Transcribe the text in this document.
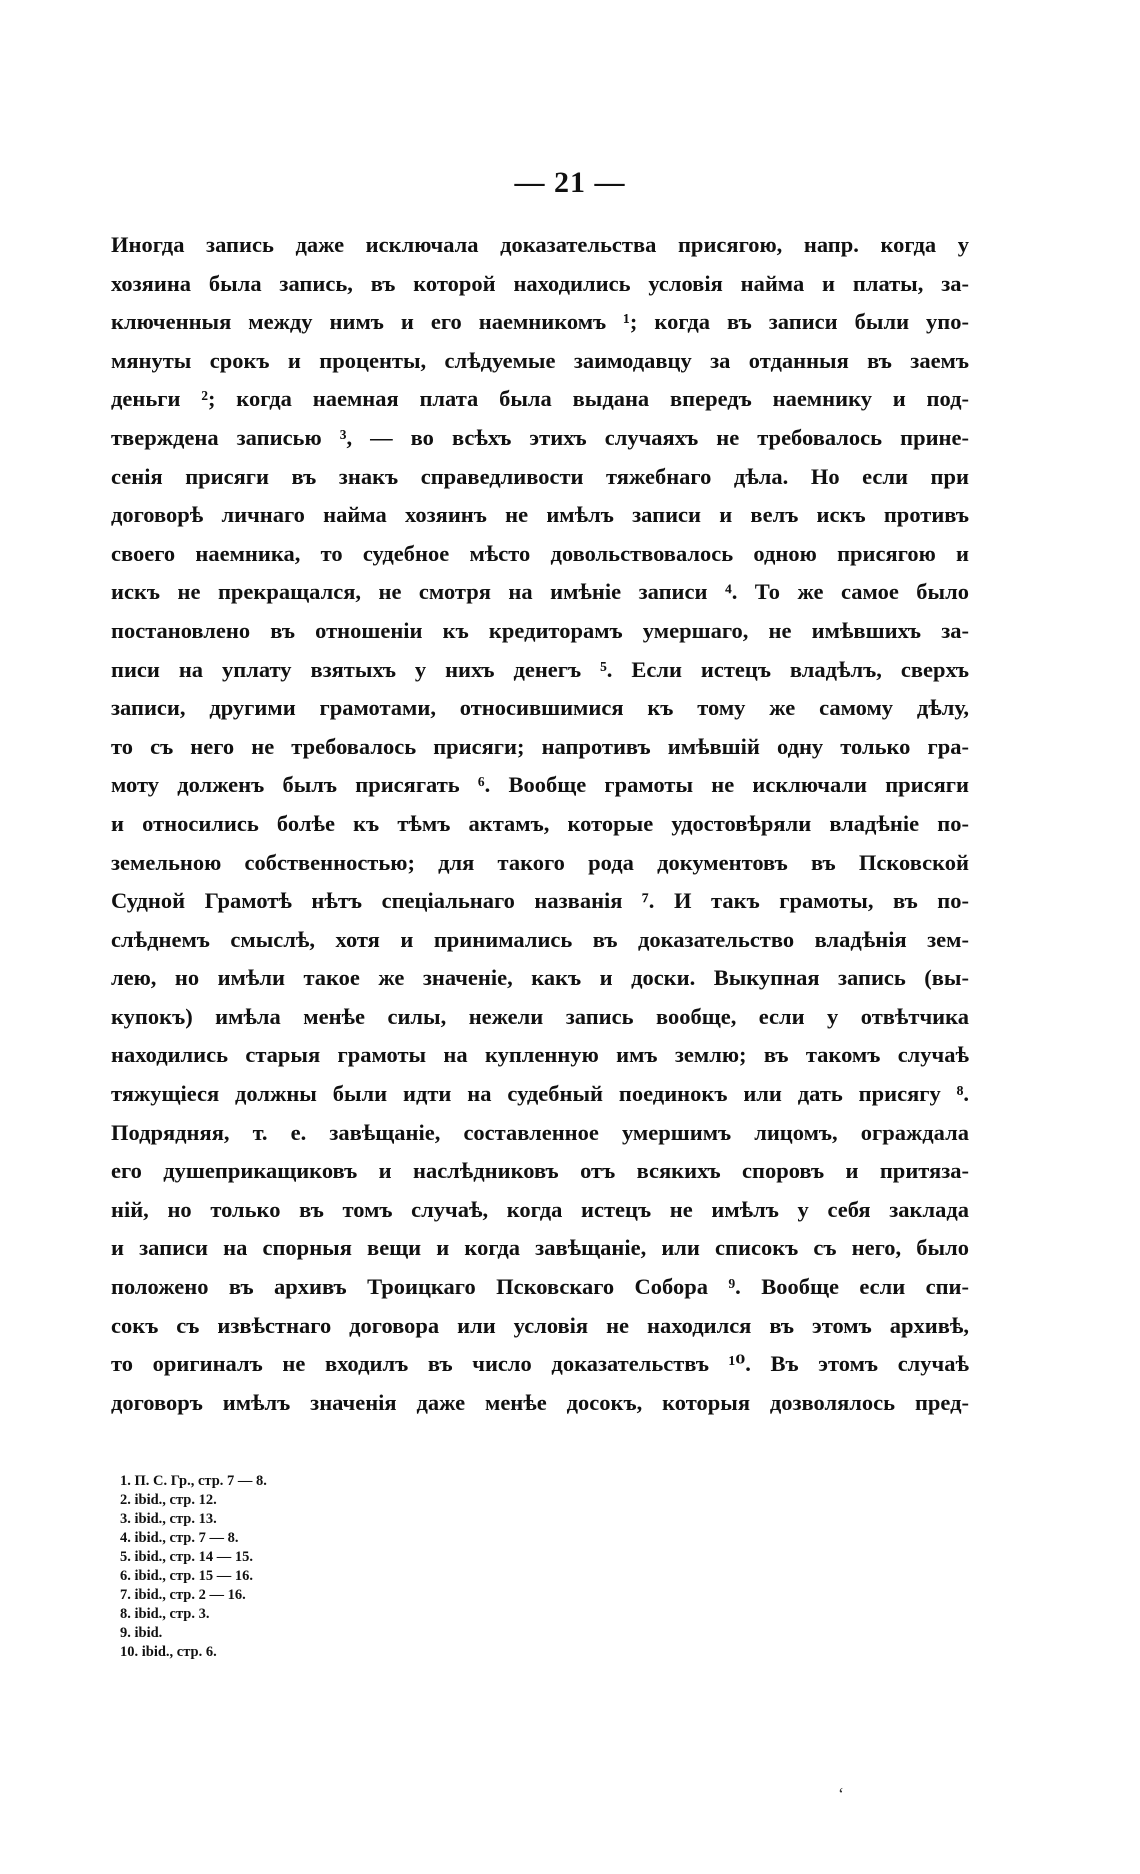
— 21 —
Иногда запись даже исключала доказательства присягою, напр. когда у
хозяина была запись, въ которой находились условія найма и платы, за-
ключенныя между нимъ и его наемникомъ ¹; когда въ записи были упо-
мянуты срокъ и проценты, слѣдуемые заимодавцу за отданныя въ заемъ
деньги ²; когда наемная плата была выдана впередъ наемнику и под-
тверждена записью ³, — во всѣхъ этихъ случаяхъ не требовалось прине-
сенія присяги въ знакъ справедливости тяжебнаго дѣла. Но если при
договорѣ личнаго найма хозяинъ не имѣлъ записи и велъ искъ противъ
своего наемника, то судебное мѣсто довольствовалось одною присягою и
искъ не прекращался, не смотря на имѣніе записи ⁴. То же самое было
постановлено въ отношеніи къ кредиторамъ умершаго, не имѣвшихъ за-
писи на уплату взятыхъ у нихъ денегъ ⁵. Если истецъ владѣлъ, сверхъ
записи, другими грамотами, относившимися къ тому же самому дѣлу,
то съ него не требовалось присяги; напротивъ имѣвшій одну только гра-
моту долженъ былъ присягать ⁶. Вообще грамоты не исключали присяги
и относились болѣе къ тѣмъ актамъ, которые удостовѣряли владѣніе по-
земельною собственностью; для такого рода документовъ въ Псковской
Судной Грамотѣ нѣтъ спеціальнаго названія ⁷. И такъ грамоты, въ по-
слѣднемъ смыслѣ, хотя и принимались въ доказательство владѣнія зем-
лею, но имѣли такое же значеніе, какъ и доски. Выкупная запись (вы-
купокъ) имѣла менѣе силы, нежели запись вообще, если у отвѣтчика
находились старыя грамоты на купленную имъ землю; въ такомъ случаѣ
тяжущіеся должны были идти на судебный поединокъ или дать присягу ⁸.
Подрядняя, т. е. завѣщаніе, составленное умершимъ лицомъ, ограждала
его душеприкащиковъ и наслѣдниковъ отъ всякихъ споровъ и притяза-
ній, но только въ томъ случаѣ, когда истецъ не имѣлъ у себя заклада
и записи на спорныя вещи и когда завѣщаніе, или списокъ съ него, было
положено въ архивъ Троицкаго Псковскаго Собора ⁹. Вообще если спи-
сокъ съ извѣстнаго договора или условія не находился въ этомъ архивѣ,
то оригиналъ не входилъ въ число доказательствъ ¹⁰. Въ этомъ случаѣ
договоръ имѣлъ значенія даже менѣе досокъ, которыя дозволялось пред-
1. П. С. Гр., стр. 7 — 8.
2. ibid., стр. 12.
3. ibid., стр. 13.
4. ibid., стр. 7 — 8.
5. ibid., стр. 14 — 15.
6. ibid., стр. 15 — 16.
7. ibid., стр. 2 — 16.
8. ibid., стр. 3.
9. ibid.
10. ibid., стр. 6.
ʻ
